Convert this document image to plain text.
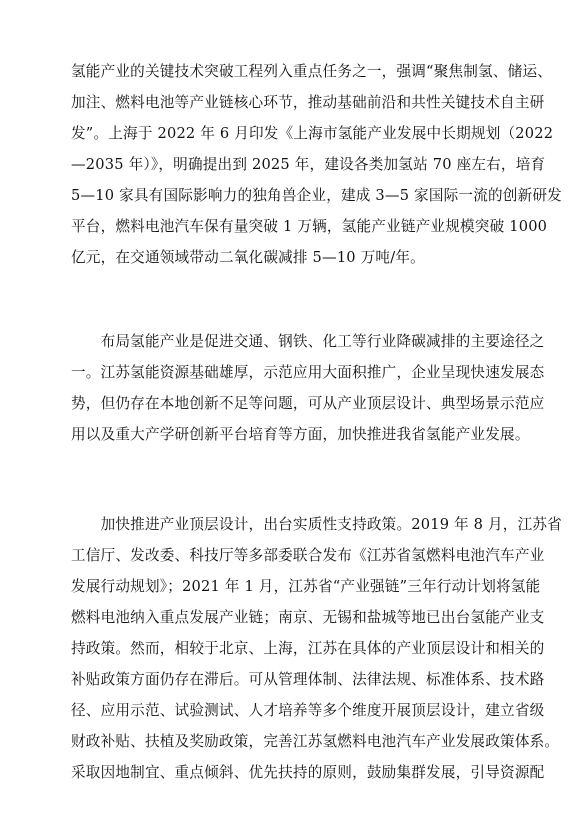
氢能产业的关键技术突破工程列入重点任务之一，强调“聚焦制氢、储运、
加注、燃料电池等产业链核心环节，推动基础前沿和共性关键技术自主研
发”。上海于 2022 年 6 月印发《上海市氢能产业发展中长期规划（2022
—2035 年）》，明确提出到 2025 年，建设各类加氢站 70 座左右，培育
5—10 家具有国际影响力的独角兽企业，建成 3—5 家国际一流的创新研发
平台，燃料电池汽车保有量突破 1 万辆，氢能产业链产业规模突破 1000
亿元，在交通领域带动二氧化碳减排 5—10 万吨/年。

　　布局氢能产业是促进交通、钢铁、化工等行业降碳减排的主要途径之
一。江苏氢能资源基础雄厚，示范应用大面积推广，企业呈现快速发展态
势，但仍存在本地创新不足等问题，可从产业顶层设计、典型场景示范应
用以及重大产学研创新平台培育等方面，加快推进我省氢能产业发展。

　　加快推进产业顶层设计，出台实质性支持政策。2019 年 8 月，江苏省
工信厅、发改委、科技厅等多部委联合发布《江苏省氢燃料电池汽车产业
发展行动规划》；2021 年 1 月，江苏省“产业强链”三年行动计划将氢能
燃料电池纳入重点发展产业链；南京、无锡和盐城等地已出台氢能产业支
持政策。然而，相较于北京、上海，江苏在具体的产业顶层设计和相关的
补贴政策方面仍存在滞后。可从管理体制、法律法规、标准体系、技术路
径、应用示范、试验测试、人才培养等多个维度开展顶层设计，建立省级
财政补贴、扶植及奖励政策，完善江苏氢燃料电池汽车产业发展政策体系。
采取因地制宜、重点倾斜、优先扶持的原则，鼓励集群发展，引导资源配
